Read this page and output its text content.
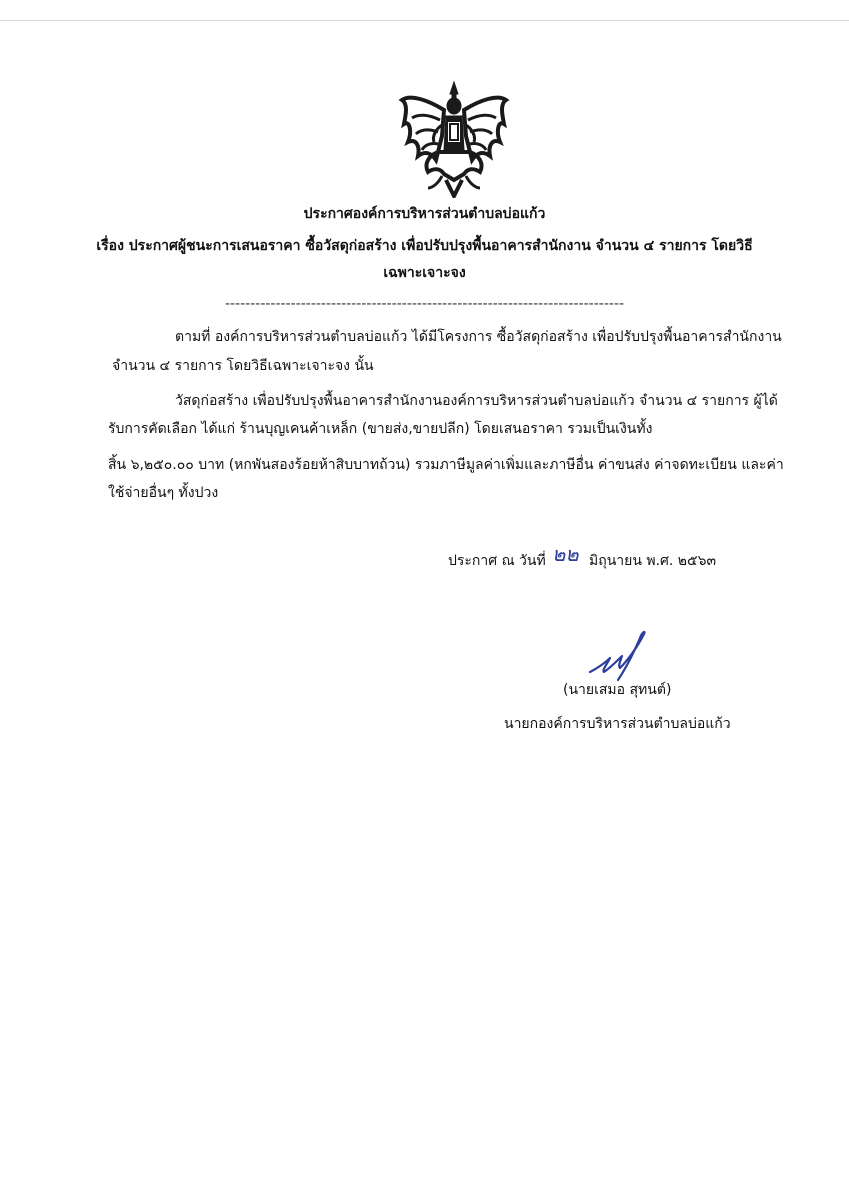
ประกาศองค์การบริหารส่วนตำบลบ่อแก้ว
เรื่อง ประกาศผู้ชนะการเสนอราคา ซื้อวัสดุก่อสร้าง เพื่อปรับปรุงพื้นอาคารสำนักงาน จำนวน ๔ รายการ โดยวิธี
เฉพาะเจาะจง
-------------------------------------------------------------------------------
ตามที่ องค์การบริหารส่วนตำบลบ่อแก้ว ได้มีโครงการ ซื้อวัสดุก่อสร้าง เพื่อปรับปรุงพื้นอาคารสำนักงาน
จำนวน ๔ รายการ โดยวิธีเฉพาะเจาะจง นั้น
วัสดุก่อสร้าง เพื่อปรับปรุงพื้นอาคารสำนักงานองค์การบริหารส่วนตำบลบ่อแก้ว จำนวน ๔ รายการ ผู้ได้
รับการคัดเลือก ได้แก่ ร้านบุญเคนค้าเหล็ก (ขายส่ง,ขายปลีก) โดยเสนอราคา รวมเป็นเงินทั้ง
สิ้น ๖,๒๕๐.๐๐ บาท (หกพันสองร้อยห้าสิบบาทถ้วน) รวมภาษีมูลค่าเพิ่มและภาษีอื่น ค่าขนส่ง ค่าจดทะเบียน และค่า
ใช้จ่ายอื่นๆ ทั้งปวง
ประกาศ ณ วันที่ ๒๒ มิถุนายน พ.ศ. ๒๕๖๓
(นายเสมอ สุทนต์)
นายกองค์การบริหารส่วนตำบลบ่อแก้ว
